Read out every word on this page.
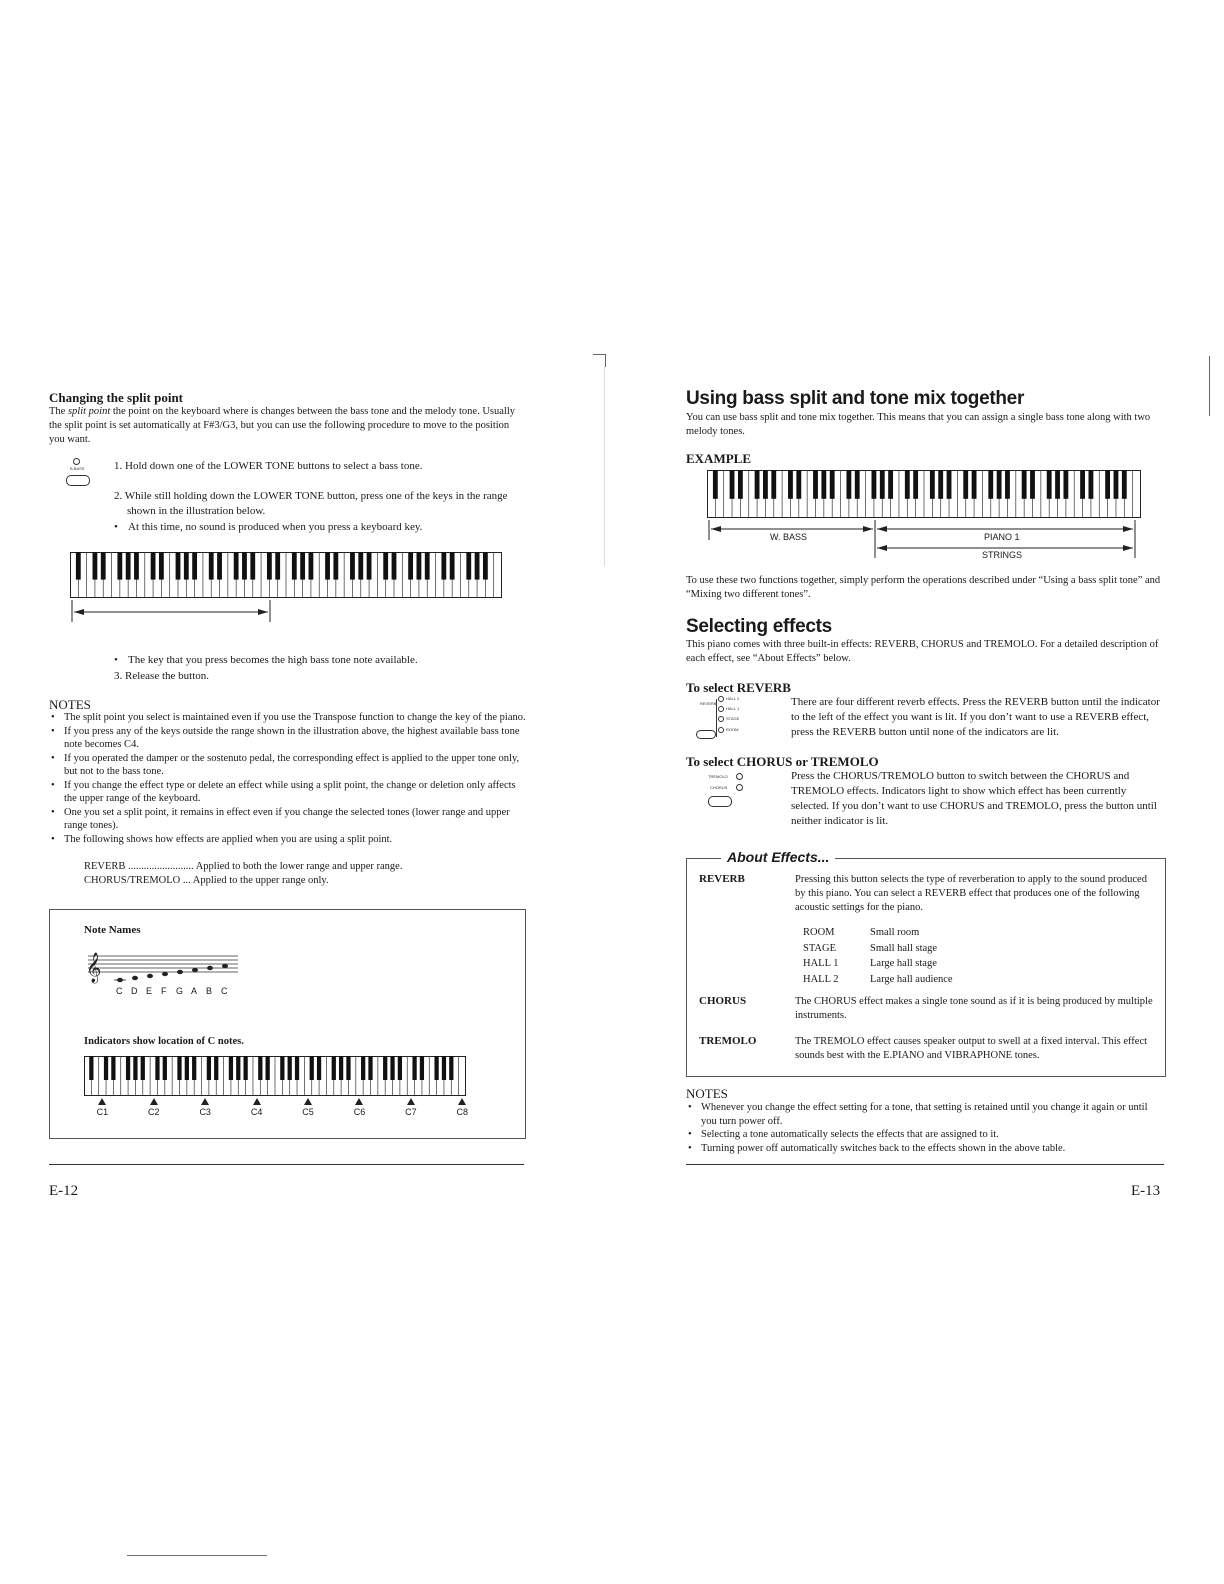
Changing the split point
The split point the point on the keyboard where is changes between the bass tone and the melody tone. Usually the split point is set automatically at F#3/G3, but you can use the following procedure to move to the position you want.
B.BASS	1. Hold down one of the LOWER TONE buttons to select a bass tone.
2. While still holding down the LOWER TONE button, press one of the keys in the range shown in the illustration below.
• At this time, no sound is produced when you press a keyboard key.
• The key that you press becomes the high bass tone note available.
3. Release the button.
NOTES
• The split point you select is maintained even if you use the Transpose function to change the key of the piano.
• If you press any of the keys outside the range shown in the illustration above, the highest available bass tone note becomes C4.
• If you operated the damper or the sostenuto pedal, the corresponding effect is applied to the upper tone only, but not to the bass tone.
• If you change the effect type or delete an effect while using a split point, the change or deletion only affects the upper range of the keyboard.
• One you set a split point, it remains in effect even if you change the selected tones (lower range and upper range tones).
• The following shows how effects are applied when you are using a split point.
REVERB ......................... Applied to both the lower range and upper range.
CHORUS/TREMOLO ... Applied to the upper range only.
Note Names
𝄞
C D E F G A B C
Indicators show location of C notes.
C1	C2	C3	C4	C5	C6	C7	C8
E-12
Using bass split and tone mix together
You can use bass split and tone mix together. This means that you can assign a single bass tone along with two melody tones.
EXAMPLE
W. BASS	PIANO 1
STRINGS
To use these two functions together, simply perform the operations described under “Using a bass split tone” and “Mixing two different tones”.
Selecting effects
This piano comes with three built-in effects: REVERB, CHORUS and TREMOLO. For a detailed description of each effect, see “About Effects” below.
To select REVERB
REVERB
HALL 2
HALL 1
STAGE
ROOM
There are four different reverb effects. Press the REVERB button until the indicator to the left of the effect you want is lit. If you don’t want to use a REVERB effect, press the REVERB button until none of the indicators are lit.
To select CHORUS or TREMOLO
TREMOLO
CHORUS
Press the CHORUS/TREMOLO button to switch between the CHORUS and TREMOLO effects. Indicators light to show which effect has been currently selected. If you don’t want to use CHORUS and TREMOLO, press the button until neither indicator is lit.
About Effects...
REVERB	Pressing this button selects the type of reverberation to apply to the sound produced by this piano. You can select a REVERB effect that produces one of the following acoustic settings for the piano.
ROOM	Small room
STAGE	Small hall stage
HALL 1	Large hall stage
HALL 2	Large hall audience
CHORUS	The CHORUS effect makes a single tone sound as if it is being produced by multiple instruments.
TREMOLO	The TREMOLO effect causes speaker output to swell at a fixed interval. This effect sounds best with the E.PIANO and VIBRAPHONE tones.
NOTES
• Whenever you change the effect setting for a tone, that setting is retained until you change it again or until you turn power off.
• Selecting a tone automatically selects the effects that are assigned to it.
• Turning power off automatically switches back to the effects shown in the above table.
E-13
